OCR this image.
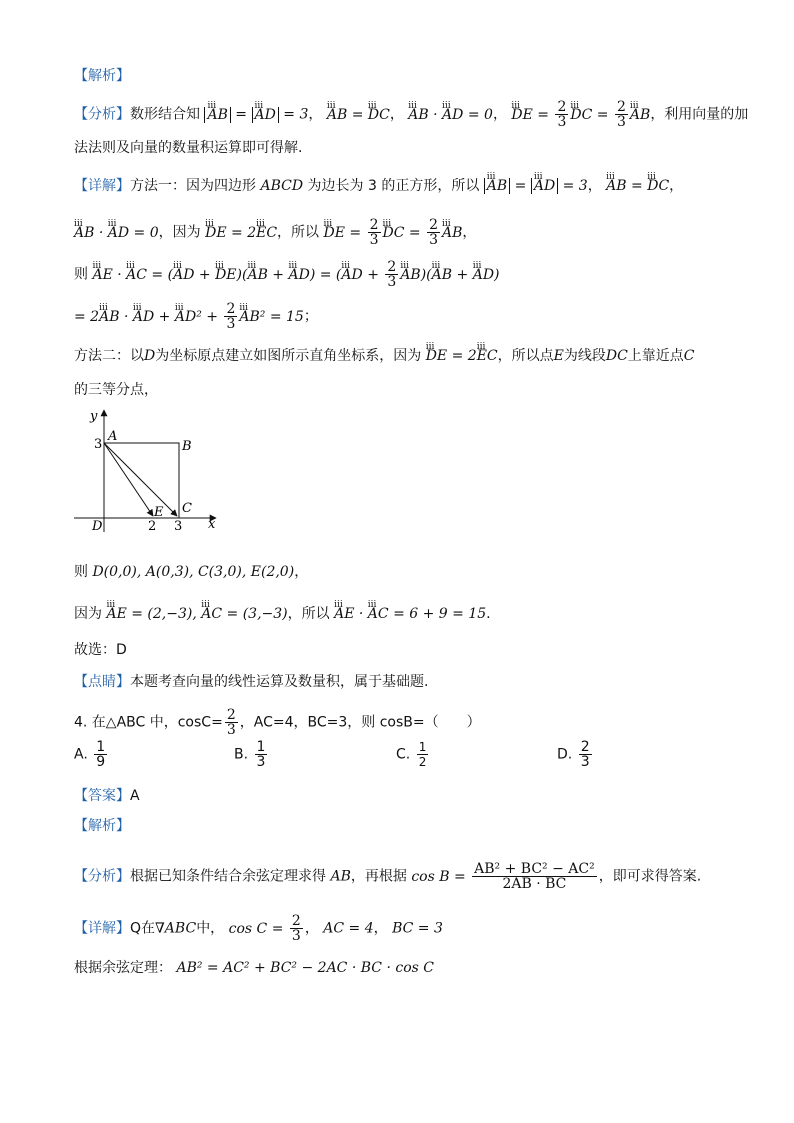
【解析】
【分析】数形结合知 ⅲ AB = ⅲ AD = 3， ⅲ AB = ⅲ DC， ⅲ AB · ⅲ AD = 0， ⅲ DE = $\frac{2}{3}$ ⅲ DC = $\frac{2}{3}$ ⅲ AB，利用向量的加
法法则及向量的数量积运算即可得解.
【详解】方法一：因为四边形 ABCD 为边长为 3 的正方形，所以 ⅲ AB = ⅲ AD = 3， ⅲ AB = ⅲ DC，
ⅲ AB · ⅲ AD = 0，因为 ⅲ DE = 2ⅲ EC，所以 ⅲ DE = $\frac{2}{3}$ ⅲ DC = $\frac{2}{3}$ ⅲ AB，
则 ⅲ AE · ⅲ AC = (ⅲ AD + ⅲ DE)(ⅲ AB + ⅲ AD) = (ⅲ AD + $\frac{2}{3}$ ⅲ AB)(ⅲ AB + ⅲ AD)
= 2ⅲ AB · ⅲ AD + ⅲ $AD^2 + \frac{2}{3}$ ⅲ AB² = 15；
方法二：以D为坐标原点建立如图所示直角坐标系，因为 ⅲ DE = 2ⅲ EC，所以点E为线段DC上靠近点C
的三等分点，
y
x
3
A
B
C
E
D	2 3
则 D(0,0), A(0,3), C(3,0), E(2,0)，
因为 ⅲ AE = (2,−3), ⅲ AC = (3,−3)，所以 ⅲ AE · ⅲ AC = 6 + 9 = 15.
故选：D
【点睛】本题考查向量的线性运算及数量积，属于基础题.
4. 在△ABC 中，$\cos C= \frac{2}{3}$ ，AC=4，BC=3，则 cosB=（　　）
A. $\frac{1}{9}$	B. $\frac{1}{3}$	C. $\frac{1}{2}$	D. $\frac{2}{3}$
【答案】A
【解析】
【分析】根据已知条件结合余弦定理求得 AB，再根据 $\cos B = \frac{\text{AB² + BC² − AC²}}{2AB \cdot BC}$ ，即可求得答案.
【详解】Q在∇ABC中， $\cos C = \frac{2}{3}$ ， AC = 4， BC = 3
根据余弦定理： AB² = AC² + BC² − 2AC · BC · cos C
